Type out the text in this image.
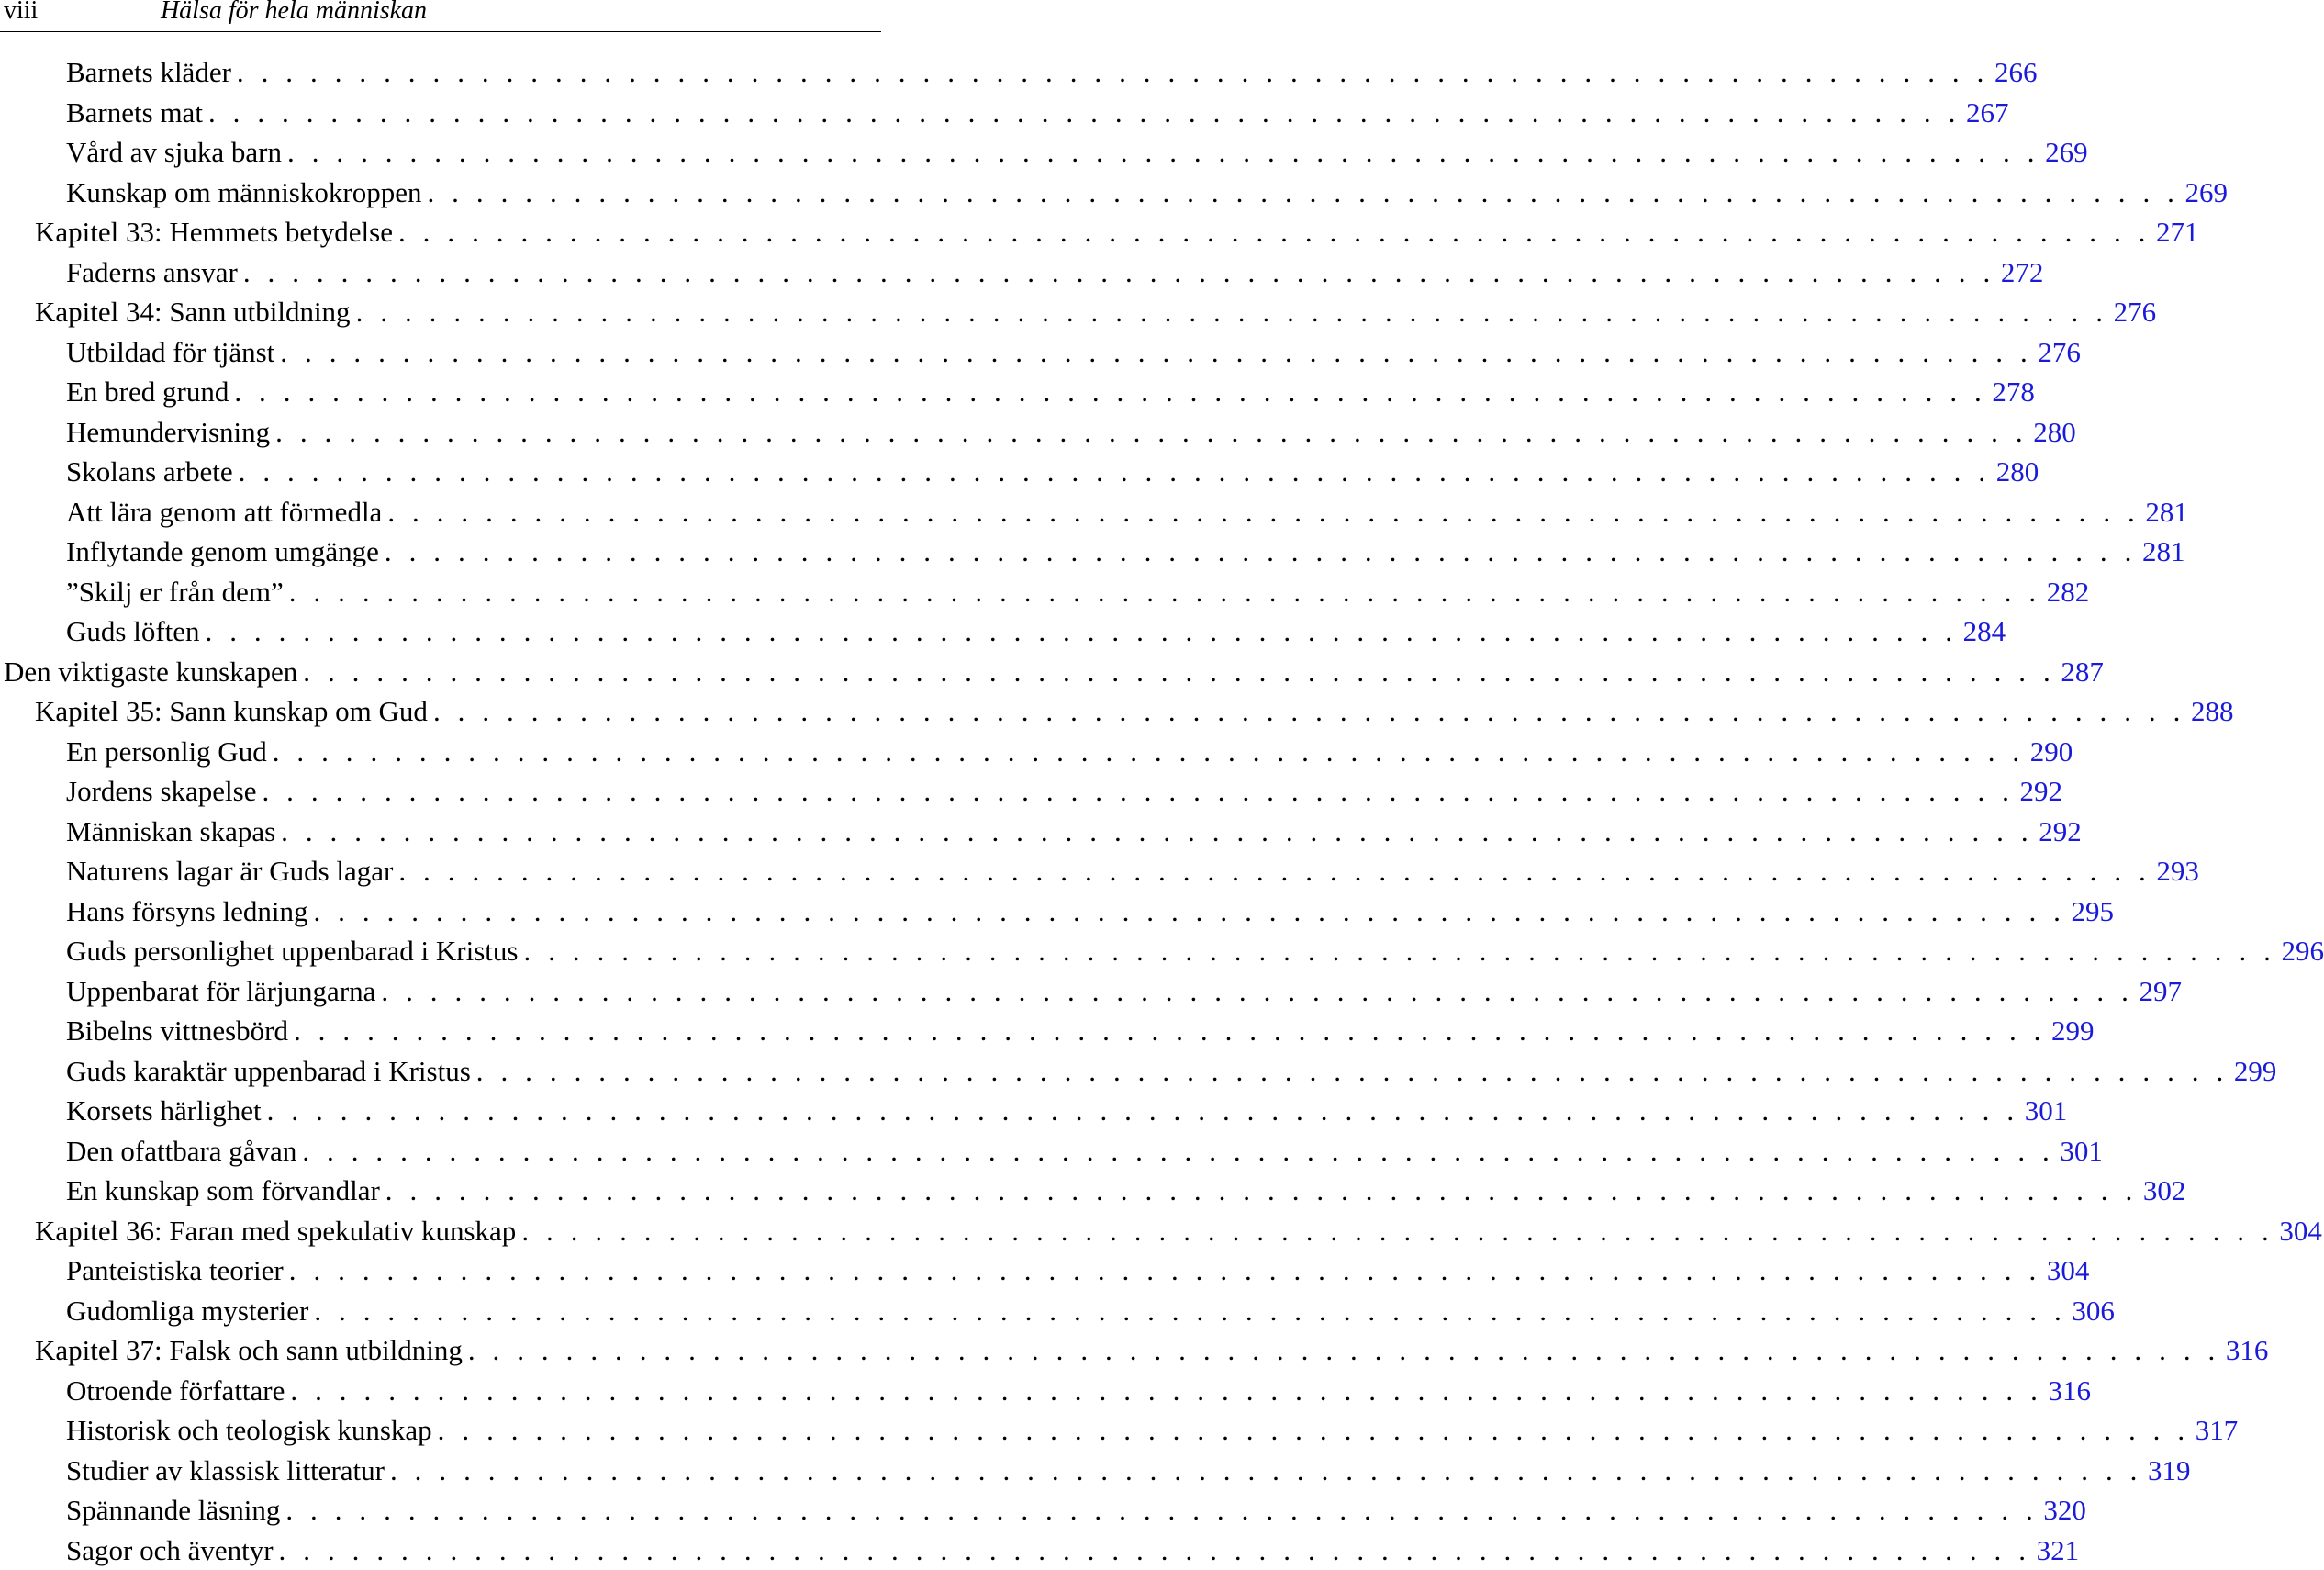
viii	Hälsa för hela människan
Barnets kläder . . . . . . . . . . . . . . . . . . . . . . . . . . . . . . . . . . . . . . . . . . . . . . . . . . . . . . . . . . . . . . . . . . . . . . . . 266
Barnets mat . . . . . . . . . . . . . . . . . . . . . . . . . . . . . . . . . . . . . . . . . . . . . . . . . . . . . . . . . . . . . . . . . . . . . . . . 267
Vård av sjuka barn . . . . . . . . . . . . . . . . . . . . . . . . . . . . . . . . . . . . . . . . . . . . . . . . . . . . . . . . . . . . . . . . . . . . . . . . 269
Kunskap om människokroppen . . . . . . . . . . . . . . . . . . . . . . . . . . . . . . . . . . . . . . . . . . . . . . . . . . . . . . . . . . . . . . . . . . . . . . . . 269
Kapitel 33: Hemmets betydelse . . . . . . . . . . . . . . . . . . . . . . . . . . . . . . . . . . . . . . . . . . . . . . . . . . . . . . . . . . . . . . . . . . . . . . . . 271
Faderns ansvar . . . . . . . . . . . . . . . . . . . . . . . . . . . . . . . . . . . . . . . . . . . . . . . . . . . . . . . . . . . . . . . . . . . . . . . . 272
Kapitel 34: Sann utbildning . . . . . . . . . . . . . . . . . . . . . . . . . . . . . . . . . . . . . . . . . . . . . . . . . . . . . . . . . . . . . . . . . . . . . . . . 276
Utbildad för tjänst . . . . . . . . . . . . . . . . . . . . . . . . . . . . . . . . . . . . . . . . . . . . . . . . . . . . . . . . . . . . . . . . . . . . . . . . 276
En bred grund . . . . . . . . . . . . . . . . . . . . . . . . . . . . . . . . . . . . . . . . . . . . . . . . . . . . . . . . . . . . . . . . . . . . . . . . 278
Hemundervisning . . . . . . . . . . . . . . . . . . . . . . . . . . . . . . . . . . . . . . . . . . . . . . . . . . . . . . . . . . . . . . . . . . . . . . . . 280
Skolans arbete . . . . . . . . . . . . . . . . . . . . . . . . . . . . . . . . . . . . . . . . . . . . . . . . . . . . . . . . . . . . . . . . . . . . . . . . 280
Att lära genom att förmedla . . . . . . . . . . . . . . . . . . . . . . . . . . . . . . . . . . . . . . . . . . . . . . . . . . . . . . . . . . . . . . . . . . . . . . . . 281
Inflytande genom umgänge . . . . . . . . . . . . . . . . . . . . . . . . . . . . . . . . . . . . . . . . . . . . . . . . . . . . . . . . . . . . . . . . . . . . . . . . 281
”Skilj er från dem” . . . . . . . . . . . . . . . . . . . . . . . . . . . . . . . . . . . . . . . . . . . . . . . . . . . . . . . . . . . . . . . . . . . . . . . . 282
Guds löften . . . . . . . . . . . . . . . . . . . . . . . . . . . . . . . . . . . . . . . . . . . . . . . . . . . . . . . . . . . . . . . . . . . . . . . . 284
Den viktigaste kunskapen . . . . . . . . . . . . . . . . . . . . . . . . . . . . . . . . . . . . . . . . . . . . . . . . . . . . . . . . . . . . . . . . . . . . . . . . 287
Kapitel 35: Sann kunskap om Gud . . . . . . . . . . . . . . . . . . . . . . . . . . . . . . . . . . . . . . . . . . . . . . . . . . . . . . . . . . . . . . . . . . . . . . . . 288
En personlig Gud . . . . . . . . . . . . . . . . . . . . . . . . . . . . . . . . . . . . . . . . . . . . . . . . . . . . . . . . . . . . . . . . . . . . . . . . 290
Jordens skapelse . . . . . . . . . . . . . . . . . . . . . . . . . . . . . . . . . . . . . . . . . . . . . . . . . . . . . . . . . . . . . . . . . . . . . . . . 292
Människan skapas . . . . . . . . . . . . . . . . . . . . . . . . . . . . . . . . . . . . . . . . . . . . . . . . . . . . . . . . . . . . . . . . . . . . . . . . 292
Naturens lagar är Guds lagar . . . . . . . . . . . . . . . . . . . . . . . . . . . . . . . . . . . . . . . . . . . . . . . . . . . . . . . . . . . . . . . . . . . . . . . . 293
Hans försyns ledning . . . . . . . . . . . . . . . . . . . . . . . . . . . . . . . . . . . . . . . . . . . . . . . . . . . . . . . . . . . . . . . . . . . . . . . . 295
Guds personlighet uppenbarad i Kristus . . . . . . . . . . . . . . . . . . . . . . . . . . . . . . . . . . . . . . . . . . . . . . . . . . . . . . . . . . . . . . . . . . . . . . . . 296
Uppenbarat för lärjungarna . . . . . . . . . . . . . . . . . . . . . . . . . . . . . . . . . . . . . . . . . . . . . . . . . . . . . . . . . . . . . . . . . . . . . . . . 297
Bibelns vittnesbörd . . . . . . . . . . . . . . . . . . . . . . . . . . . . . . . . . . . . . . . . . . . . . . . . . . . . . . . . . . . . . . . . . . . . . . . . 299
Guds karaktär uppenbarad i Kristus . . . . . . . . . . . . . . . . . . . . . . . . . . . . . . . . . . . . . . . . . . . . . . . . . . . . . . . . . . . . . . . . . . . . . . . . 299
Korsets härlighet . . . . . . . . . . . . . . . . . . . . . . . . . . . . . . . . . . . . . . . . . . . . . . . . . . . . . . . . . . . . . . . . . . . . . . . . 301
Den ofattbara gåvan . . . . . . . . . . . . . . . . . . . . . . . . . . . . . . . . . . . . . . . . . . . . . . . . . . . . . . . . . . . . . . . . . . . . . . . . 301
En kunskap som förvandlar . . . . . . . . . . . . . . . . . . . . . . . . . . . . . . . . . . . . . . . . . . . . . . . . . . . . . . . . . . . . . . . . . . . . . . . . 302
Kapitel 36: Faran med spekulativ kunskap . . . . . . . . . . . . . . . . . . . . . . . . . . . . . . . . . . . . . . . . . . . . . . . . . . . . . . . . . . . . . . . . . . . . . . . . 304
Panteistiska teorier . . . . . . . . . . . . . . . . . . . . . . . . . . . . . . . . . . . . . . . . . . . . . . . . . . . . . . . . . . . . . . . . . . . . . . . . 304
Gudomliga mysterier . . . . . . . . . . . . . . . . . . . . . . . . . . . . . . . . . . . . . . . . . . . . . . . . . . . . . . . . . . . . . . . . . . . . . . . . 306
Kapitel 37: Falsk och sann utbildning . . . . . . . . . . . . . . . . . . . . . . . . . . . . . . . . . . . . . . . . . . . . . . . . . . . . . . . . . . . . . . . . . . . . . . . . 316
Otroende författare . . . . . . . . . . . . . . . . . . . . . . . . . . . . . . . . . . . . . . . . . . . . . . . . . . . . . . . . . . . . . . . . . . . . . . . . 316
Historisk och teologisk kunskap . . . . . . . . . . . . . . . . . . . . . . . . . . . . . . . . . . . . . . . . . . . . . . . . . . . . . . . . . . . . . . . . . . . . . . . . 317
Studier av klassisk litteratur . . . . . . . . . . . . . . . . . . . . . . . . . . . . . . . . . . . . . . . . . . . . . . . . . . . . . . . . . . . . . . . . . . . . . . . . 319
Spännande läsning . . . . . . . . . . . . . . . . . . . . . . . . . . . . . . . . . . . . . . . . . . . . . . . . . . . . . . . . . . . . . . . . . . . . . . . . 320
Sagor och äventyr . . . . . . . . . . . . . . . . . . . . . . . . . . . . . . . . . . . . . . . . . . . . . . . . . . . . . . . . . . . . . . . . . . . . . . . . 321
